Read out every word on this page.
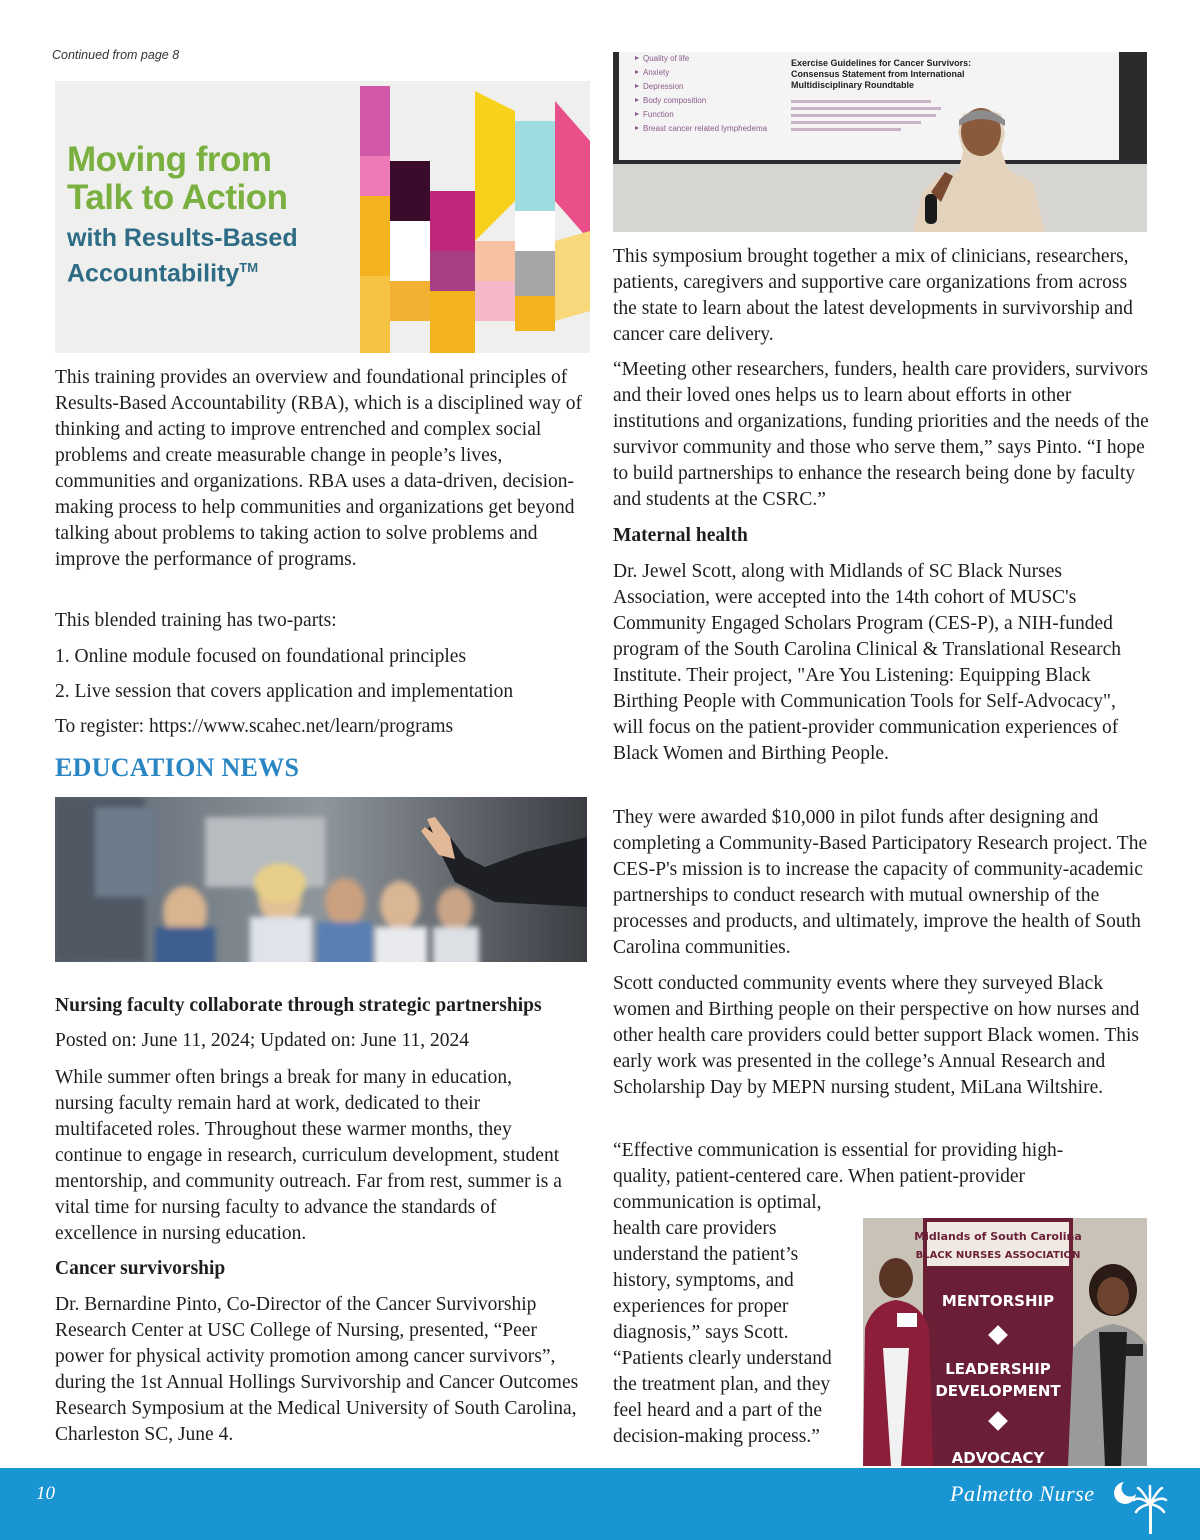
Continued from page 8
Moving from
Talk to Action
with Results-Based
Accountability™
This training provides an overview and foundational principles of Results-Based Accountability (RBA), which is a disciplined way of thinking and acting to improve entrenched and complex social problems and create measurable change in people’s lives, communities and organizations. RBA uses a data-driven, decision-making process to help communities and organizations get beyond talking about problems to taking action to solve problems and improve the performance of programs.
This blended training has two-parts:
1. Online module focused on foundational principles
2. Live session that covers application and implementation
To register: https://www.scahec.net/learn/programs
EDUCATION NEWS
Nursing faculty collaborate through strategic partnerships
Posted on: June 11, 2024; Updated on: June 11, 2024
While summer often brings a break for many in education, nursing faculty remain hard at work, dedicated to their multifaceted roles. Throughout these warmer months, they continue to engage in research, curriculum development, student mentorship, and community outreach. Far from rest, summer is a vital time for nursing faculty to advance the standards of excellence in nursing education.
Cancer survivorship
Dr. Bernardine Pinto, Co-Director of the Cancer Survivorship Research Center at USC College of Nursing, presented, “Peer power for physical activity promotion among cancer survivors”, during the 1st Annual Hollings Survivorship and Cancer Outcomes Research Symposium at the Medical University of South Carolina, Charleston SC, June 4.
Quality of life
Anxiety
Depression
Body composition
Function
Breast cancer related lymphedema
Exercise Guidelines for Cancer Survivors:
Consensus Statement from International
Multidisciplinary Roundtable
This symposium brought together a mix of clinicians, researchers, patients, caregivers and supportive care organizations from across the state to learn about the latest developments in survivorship and cancer care delivery.
“Meeting other researchers, funders, health care providers, survivors and their loved ones helps us to learn about efforts in other institutions and organizations, funding priorities and the needs of the survivor community and those who serve them,” says Pinto. “I hope to build partnerships to enhance the research being done by faculty and students at the CSRC.”
Maternal health
Dr. Jewel Scott, along with Midlands of SC Black Nurses Association, were accepted into the 14th cohort of MUSC's Community Engaged Scholars Program (CES-P), a NIH-funded program of the South Carolina Clinical & Translational Research Institute. Their project, "Are You Listening: Equipping Black Birthing People with Communication Tools for Self-Advocacy", will focus on the patient-provider communication experiences of Black Women and Birthing People.
They were awarded $10,000 in pilot funds after designing and completing a Community-Based Participatory Research project. The CES-P's mission is to increase the capacity of community-academic partnerships to conduct research with mutual ownership of the processes and products, and ultimately, improve the health of South Carolina communities.
Scott conducted community events where they surveyed Black women and Birthing people on their perspective on how nurses and other health care providers could better support Black women. This early work was presented in the college’s Annual Research and Scholarship Day by MEPN nursing student, MiLana Wiltshire.
“Effective communication is essential for providing high-
quality, patient-centered care. When patient-provider
communication is optimal,
health care providers
understand the patient’s
history, symptoms, and
experiences for proper
diagnosis,” says Scott.
“Patients clearly understand
the treatment plan, and they
feel heard and a part of the
decision-making process.”
Midlands of South Carolina
BLACK NURSES ASSOCIATION
MENTORSHIP
LEADERSHIP
DEVELOPMENT
ADVOCACY
10	Palmetto Nurse
